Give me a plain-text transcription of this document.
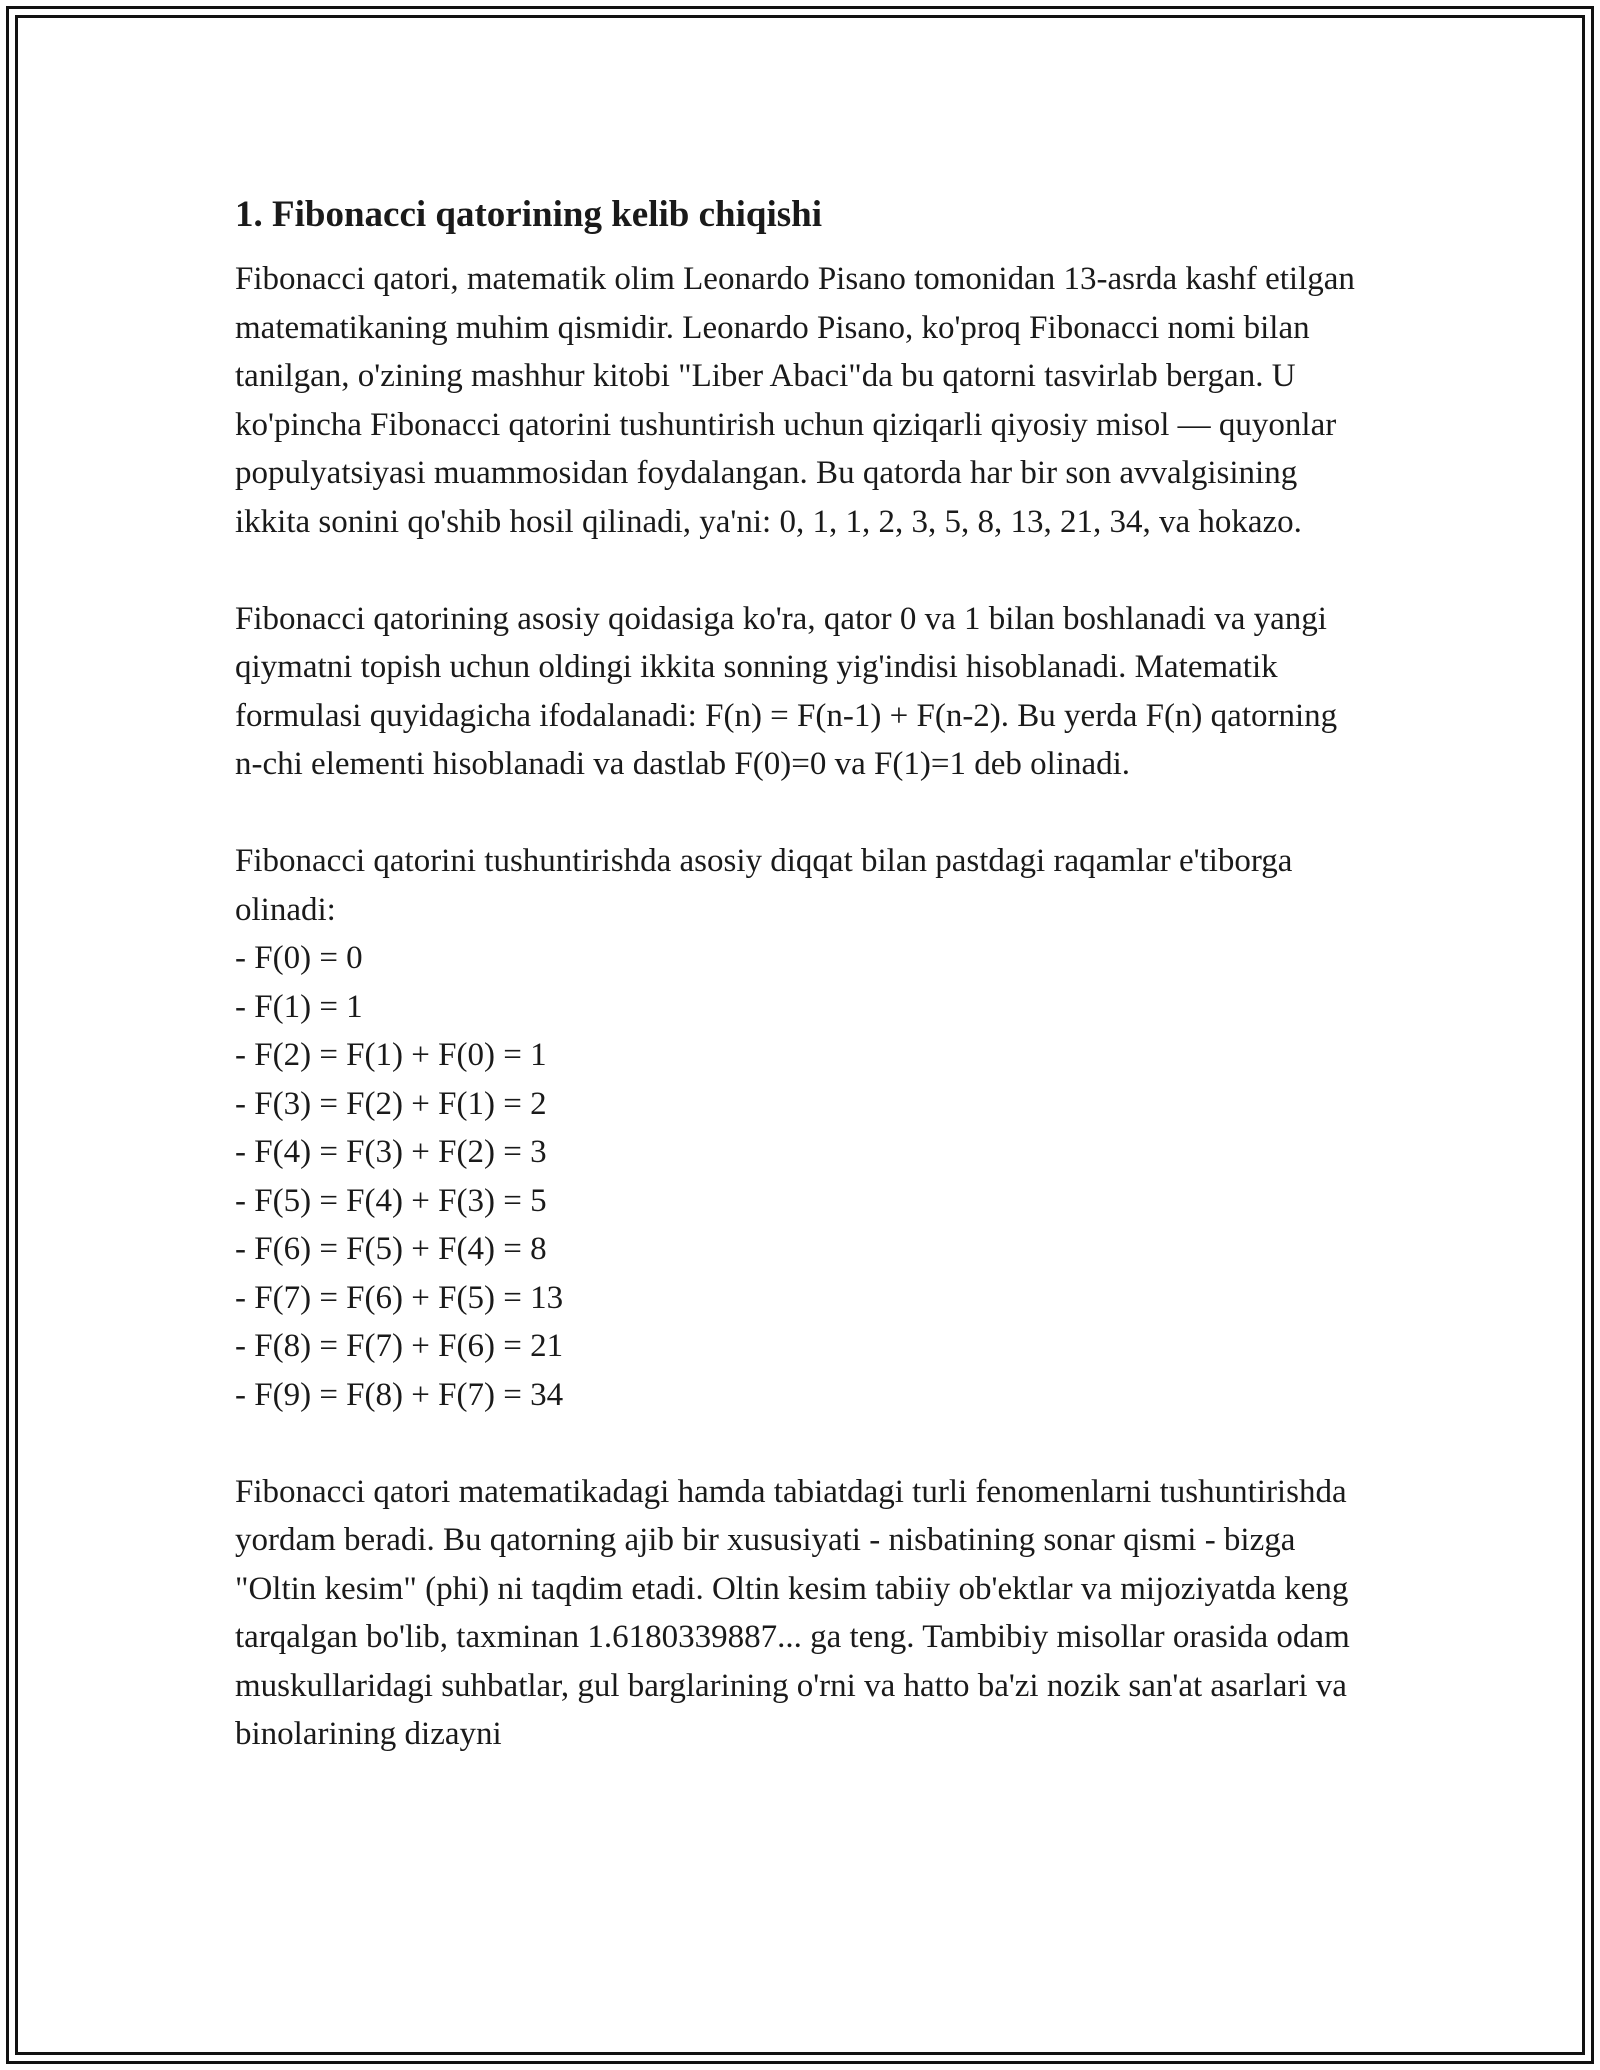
1. Fibonacci qatorining kelib chiqishi

Fibonacci qatori, matematik olim Leonardo Pisano tomonidan 13-asrda kashf etilgan matematikaning muhim qismidir. Leonardo Pisano, ko'proq Fibonacci nomi bilan tanilgan, o'zining mashhur kitobi "Liber Abaci"da bu qatorni tasvirlab bergan. U ko'pincha Fibonacci qatorini tushuntirish uchun qiziqarli qiyosiy misol — quyonlar populyatsiyasi muammosidan foydalangan. Bu qatorda har bir son avvalgisining ikkita sonini qo'shib hosil qilinadi, ya'ni: 0, 1, 1, 2, 3, 5, 8, 13, 21, 34, va hokazo.

Fibonacci qatorining asosiy qoidasiga ko'ra, qator 0 va 1 bilan boshlanadi va yangi qiymatni topish uchun oldingi ikkita sonning yig'indisi hisoblanadi. Matematik formulasi quyidagicha ifodalanadi: F(n) = F(n-1) + F(n-2). Bu yerda F(n) qatorning n-chi elementi hisoblanadi va dastlab F(0)=0 va F(1)=1 deb olinadi.

Fibonacci qatorini tushuntirishda asosiy diqqat bilan pastdagi raqamlar e'tiborga olinadi:

- F(0) = 0
- F(1) = 1
- F(2) = F(1) + F(0) = 1
- F(3) = F(2) + F(1) = 2
- F(4) = F(3) + F(2) = 3
- F(5) = F(4) + F(3) = 5
- F(6) = F(5) + F(4) = 8
- F(7) = F(6) + F(5) = 13
- F(8) = F(7) + F(6) = 21
- F(9) = F(8) + F(7) = 34

Fibonacci qatori matematikadagi hamda tabiatdagi turli fenomenlarni tushuntirishda yordam beradi. Bu qatorning ajib bir xususiyati - nisbatining sonar qismi - bizga "Oltin kesim" (phi) ni taqdim etadi. Oltin kesim tabiiy ob'ektlar va mijoziyatda keng tarqalgan bo'lib, taxminan 1.6180339887... ga teng. Tambibiy misollar orasida odam muskullaridagi suhbatlar, gul barglarining o'rni va hatto ba'zi nozik san'at asarlari va binolarining dizayni
